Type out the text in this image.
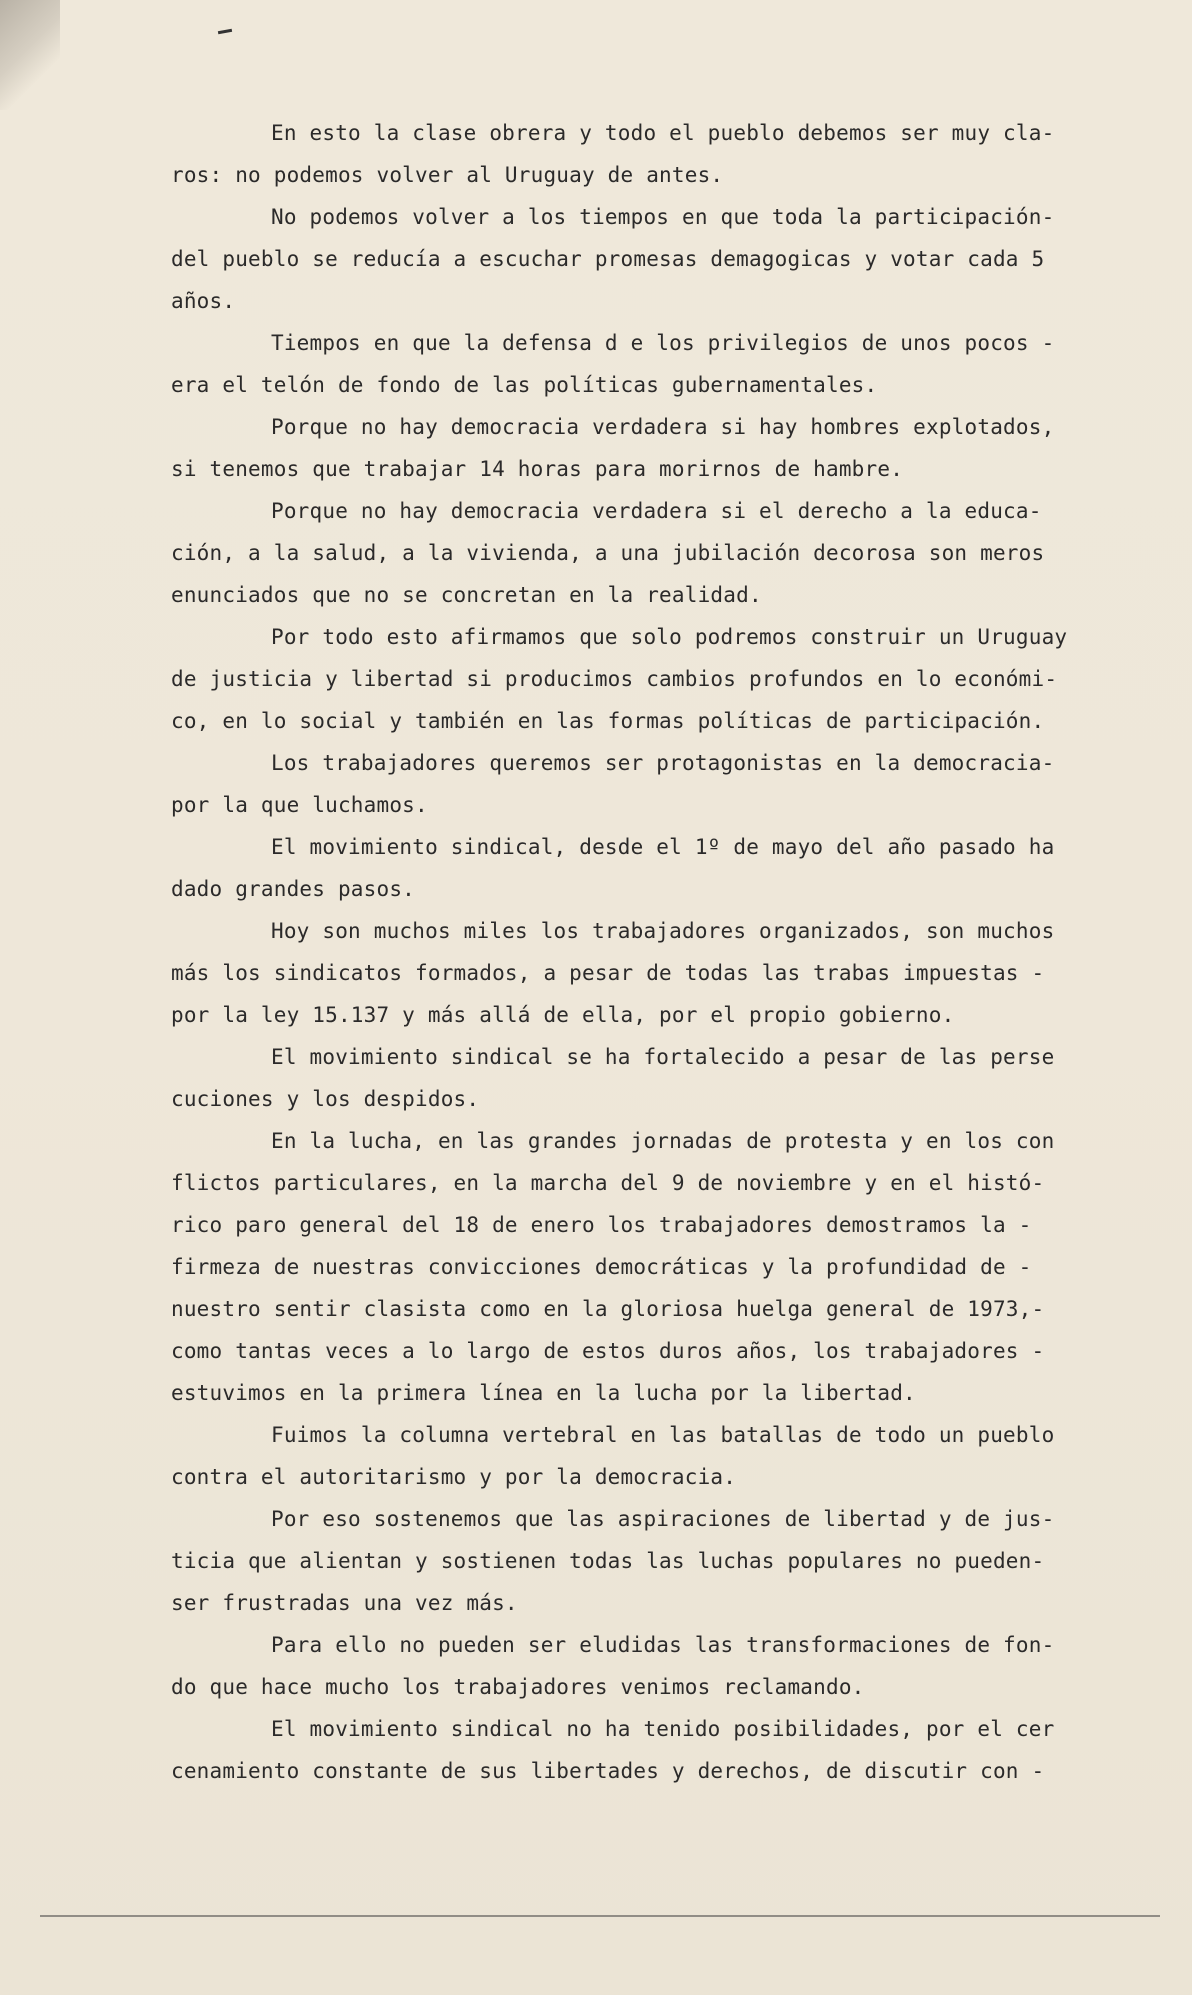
En esto la clase obrera y todo el pueblo debemos ser muy cla-
ros: no podemos volver al Uruguay de antes.
No podemos volver a los tiempos en que toda la participación-
del pueblo se reducía a escuchar promesas demagogicas y votar cada 5
años.
Tiempos en que la defensa d e los privilegios de unos pocos -
era el telón de fondo de las políticas gubernamentales.
Porque no hay democracia verdadera si hay hombres explotados,
si tenemos que trabajar 14 horas para morirnos de hambre.
Porque no hay democracia verdadera si el derecho a la educa-
ción, a la salud, a la vivienda, a una jubilación decorosa son meros
enunciados que no se concretan en la realidad.
Por todo esto afirmamos que solo podremos construir un Uruguay
de justicia y libertad si producimos cambios profundos en lo económi-
co, en lo social y también en las formas políticas de participación.
Los trabajadores queremos ser protagonistas en la democracia-
por la que luchamos.
El movimiento sindical, desde el 1º de mayo del año pasado ha
dado grandes pasos.
Hoy son muchos miles los trabajadores organizados, son muchos
más los sindicatos formados, a pesar de todas las trabas impuestas -
por la ley 15.137 y más allá de ella, por el propio gobierno.
El movimiento sindical se ha fortalecido a pesar de las perse
cuciones y los despidos.
En la lucha, en las grandes jornadas de protesta y en los con
flictos particulares, en la marcha del 9 de noviembre y en el histó-
rico paro general del 18 de enero los trabajadores demostramos la -
firmeza de nuestras convicciones democráticas y la profundidad de -
nuestro sentir clasista como en la gloriosa huelga general de 1973,-
como tantas veces a lo largo de estos duros años, los trabajadores -
estuvimos en la primera línea en la lucha por la libertad.
Fuimos la columna vertebral en las batallas de todo un pueblo
contra el autoritarismo y por la democracia.
Por eso sostenemos que las aspiraciones de libertad y de jus-
ticia que alientan y sostienen todas las luchas populares no pueden-
ser frustradas una vez más.
Para ello no pueden ser eludidas las transformaciones de fon-
do que hace mucho los trabajadores venimos reclamando.
El movimiento sindical no ha tenido posibilidades, por el cer
cenamiento constante de sus libertades y derechos, de discutir con -
